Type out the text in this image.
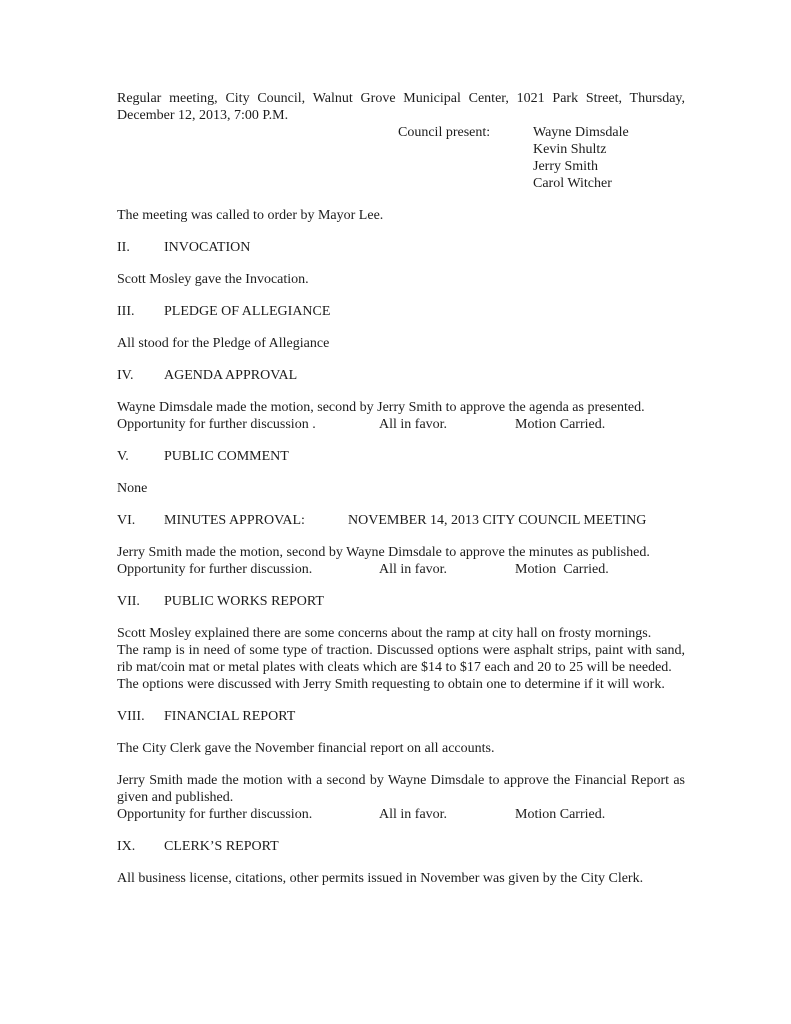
Regular meeting, City Council, Walnut Grove Municipal Center, 1021 Park Street, Thursday, December 12, 2013, 7:00 P.M.

Council present:	Wayne Dimsdale
Kevin Shultz
Jerry Smith
Carol Witcher

The meeting was called to order by Mayor Lee.

II. INVOCATION

Scott Mosley gave the Invocation.

III. PLEDGE OF ALLEGIANCE

All stood for the Pledge of Allegiance

IV. AGENDA APPROVAL

Wayne Dimsdale made the motion, second by Jerry Smith to approve the agenda as presented.

Opportunity for further discussion .	All in favor.	Motion Carried.
V.	PUBLIC COMMENT

None

VI. MINUTES APPROVAL:	NOVEMBER 14, 2013 CITY COUNCIL MEETING

Jerry Smith made the motion, second by Wayne Dimsdale to approve the minutes as published.

Opportunity for further discussion.	All in favor.	Motion  Carried.
VII. PUBLIC WORKS REPORT

Scott Mosley explained there are some concerns about the ramp at city hall on frosty mornings.

The ramp is in need of some type of traction. Discussed options were asphalt strips, paint with sand, rib mat/coin mat or metal plates with cleats which are $14 to $17 each and 20 to 25 will be needed.

The options were discussed with Jerry Smith requesting to obtain one to determine if it will work.

VIII. FINANCIAL REPORT

The City Clerk gave the November financial report on all accounts.

Jerry Smith made the motion with a second by Wayne Dimsdale to approve the Financial Report as given and published.

Opportunity for further discussion.	All in favor.	Motion Carried.
IX. CLERK’S REPORT

All business license, citations, other permits issued in November was given by the City Clerk.
